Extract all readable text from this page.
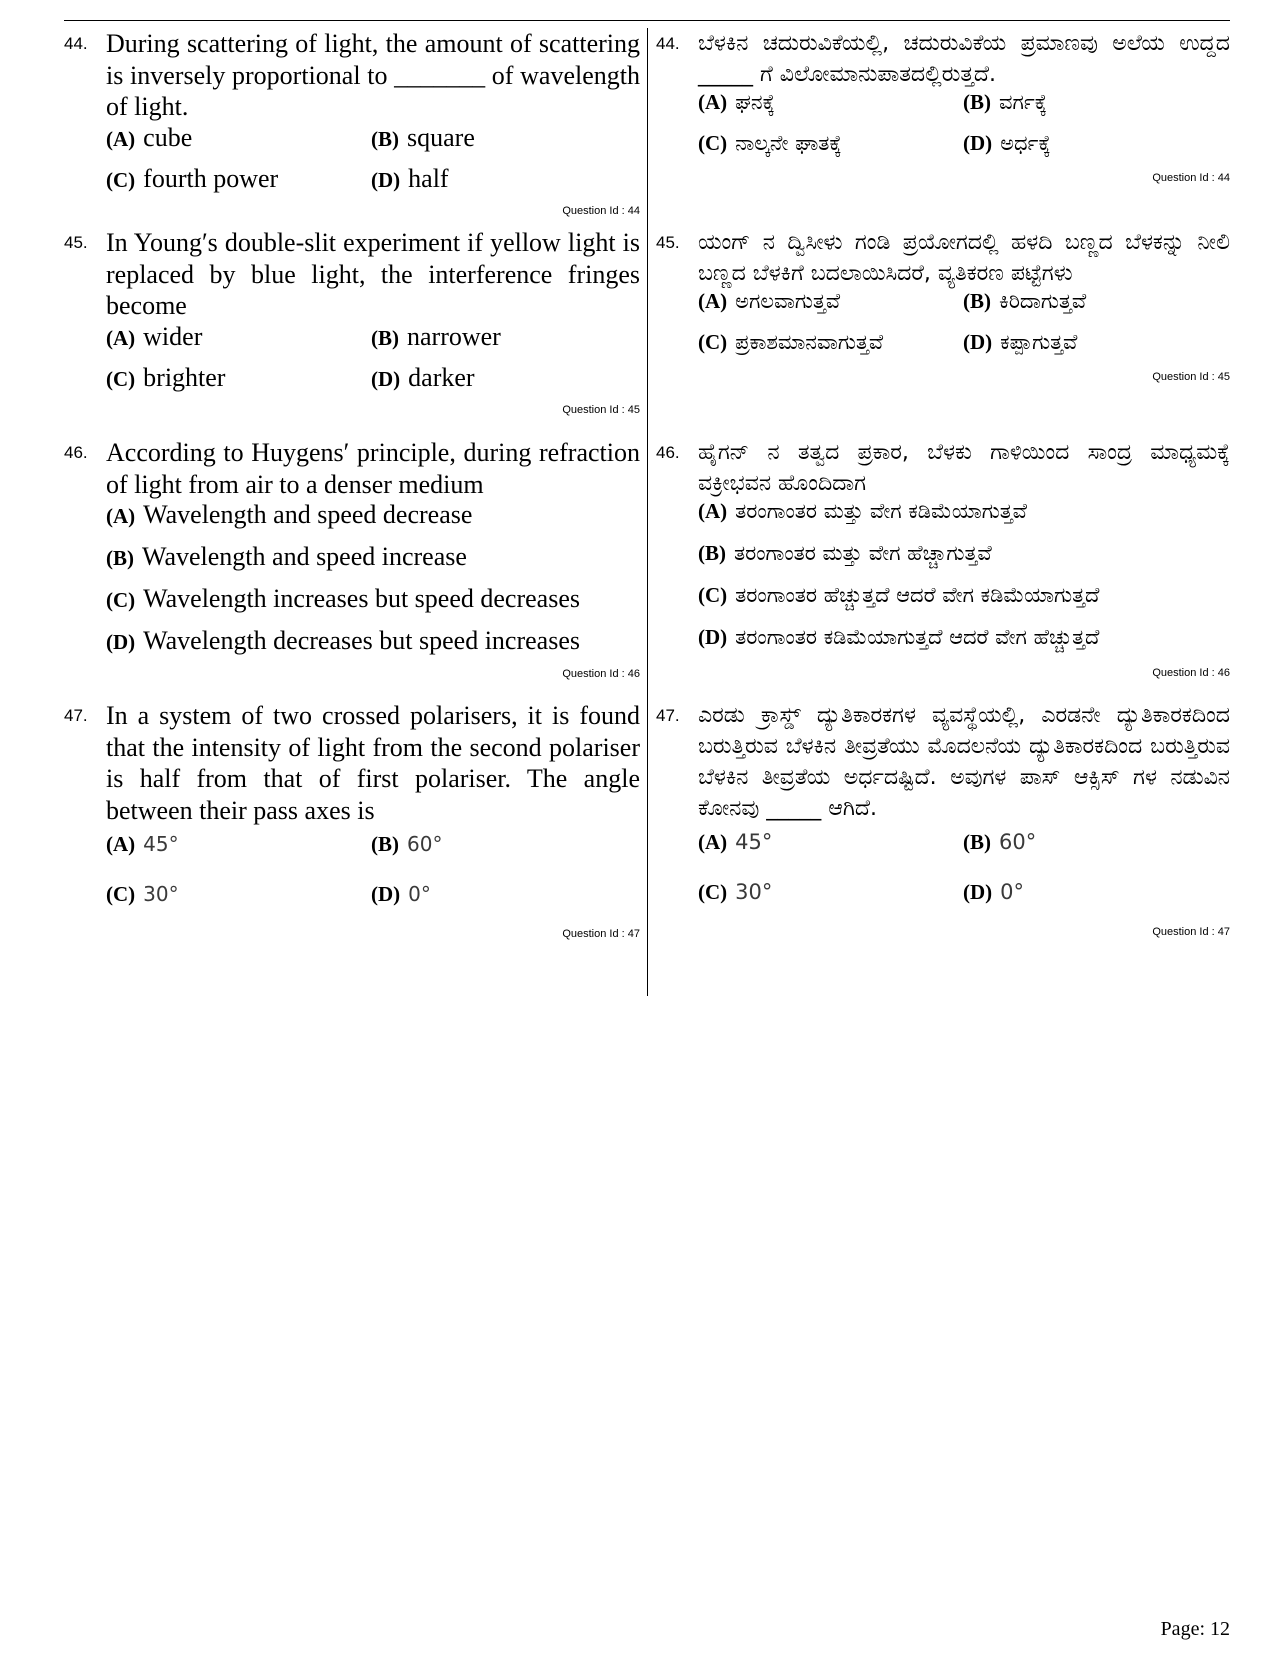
44. During scattering of light, the amount of scattering is inversely proportional to _______ of wavelength of light.
(A) cube	(B) square
(C) fourth power	(D) half
Question Id : 44
45. In Young′s double-slit experiment if yellow light is replaced by blue light, the interference fringes become
(A) wider	(B) narrower
(C) brighter	(D) darker
Question Id : 45
46. According to Huygens′ principle, during refraction of light from air to a denser medium
(A) Wavelength and speed decrease
(B) Wavelength and speed increase
(C) Wavelength increases but speed decreases
(D) Wavelength decreases but speed increases
Question Id : 46
47. In a system of two crossed polarisers, it is found that the intensity of light from the second polariser is half from that of first polariser. The angle between their pass axes is
(A) 45°	(B) 60°
(C) 30°	(D) 0°
Question Id : 47
44. ಬೆಳಕಿನ ಚದುರುವಿಕೆಯಲ್ಲಿ, ಚದುರುವಿಕೆಯ ಪ್ರಮಾಣವು ಅಲೆಯ ಉದ್ದದ _____ ಗೆ ವಿಲೋಮಾನುಪಾತದಲ್ಲಿರುತ್ತದೆ.
(A) ಘನಕ್ಕೆ	(B) ವರ್ಗಕ್ಕೆ
(C) ನಾಲ್ಕನೇ ಘಾತಕ್ಕೆ	(D) ಅರ್ಧಕ್ಕೆ
Question Id : 44
45. ಯಂಗ್ ನ ದ್ವಿಸೀಳು ಗಂಡಿ ಪ್ರಯೋಗದಲ್ಲಿ ಹಳದಿ ಬಣ್ಣದ ಬೆಳಕನ್ನು ನೀಲಿ ಬಣ್ಣದ ಬೆಳಕಿಗೆ ಬದಲಾಯಿಸಿದರೆ, ವ್ಯತಿಕರಣ ಪಟ್ಟೆಗಳು
(A) ಅಗಲವಾಗುತ್ತವೆ	(B) ಕಿರಿದಾಗುತ್ತವೆ
(C) ಪ್ರಕಾಶಮಾನವಾಗುತ್ತವೆ	(D) ಕಪ್ಪಾಗುತ್ತವೆ
Question Id : 45
46. ಹೈಗನ್ ನ ತತ್ವದ ಪ್ರಕಾರ, ಬೆಳಕು ಗಾಳಿಯಿಂದ ಸಾಂದ್ರ ಮಾಧ್ಯಮಕ್ಕೆ ವಕ್ರೀಭವನ ಹೊಂದಿದಾಗ
(A) ತರಂಗಾಂತರ ಮತ್ತು ವೇಗ ಕಡಿಮೆಯಾಗುತ್ತವೆ
(B) ತರಂಗಾಂತರ ಮತ್ತು ವೇಗ ಹೆಚ್ಚಾಗುತ್ತವೆ
(C) ತರಂಗಾಂತರ ಹೆಚ್ಚುತ್ತದೆ ಆದರೆ ವೇಗ ಕಡಿಮೆಯಾಗುತ್ತದೆ
(D) ತರಂಗಾಂತರ ಕಡಿಮೆಯಾಗುತ್ತದೆ ಆದರೆ ವೇಗ ಹೆಚ್ಚುತ್ತದೆ
Question Id : 46
47. ಎರಡು ಕ್ರಾಸ್ಡ್ ದ್ಯುತಿಕಾರಕಗಳ ವ್ಯವಸ್ಥೆಯಲ್ಲಿ, ಎರಡನೇ ದ್ಯುತಿಕಾರಕದಿಂದ ಬರುತ್ತಿರುವ ಬೆಳಕಿನ ತೀವ್ರತೆಯು ಮೊದಲನೆಯ ದ್ಯುತಿಕಾರಕದಿಂದ ಬರುತ್ತಿರುವ ಬೆಳಕಿನ ತೀವ್ರತೆಯ ಅರ್ಧದಷ್ಟಿದೆ. ಅವುಗಳ ಪಾಸ್ ಆಕ್ಸಿಸ್ ಗಳ ನಡುವಿನ ಕೋನವು _____ ಆಗಿದೆ.
(A) 45°	(B) 60°
(C) 30°	(D) 0°
Question Id : 47
Page: 12
